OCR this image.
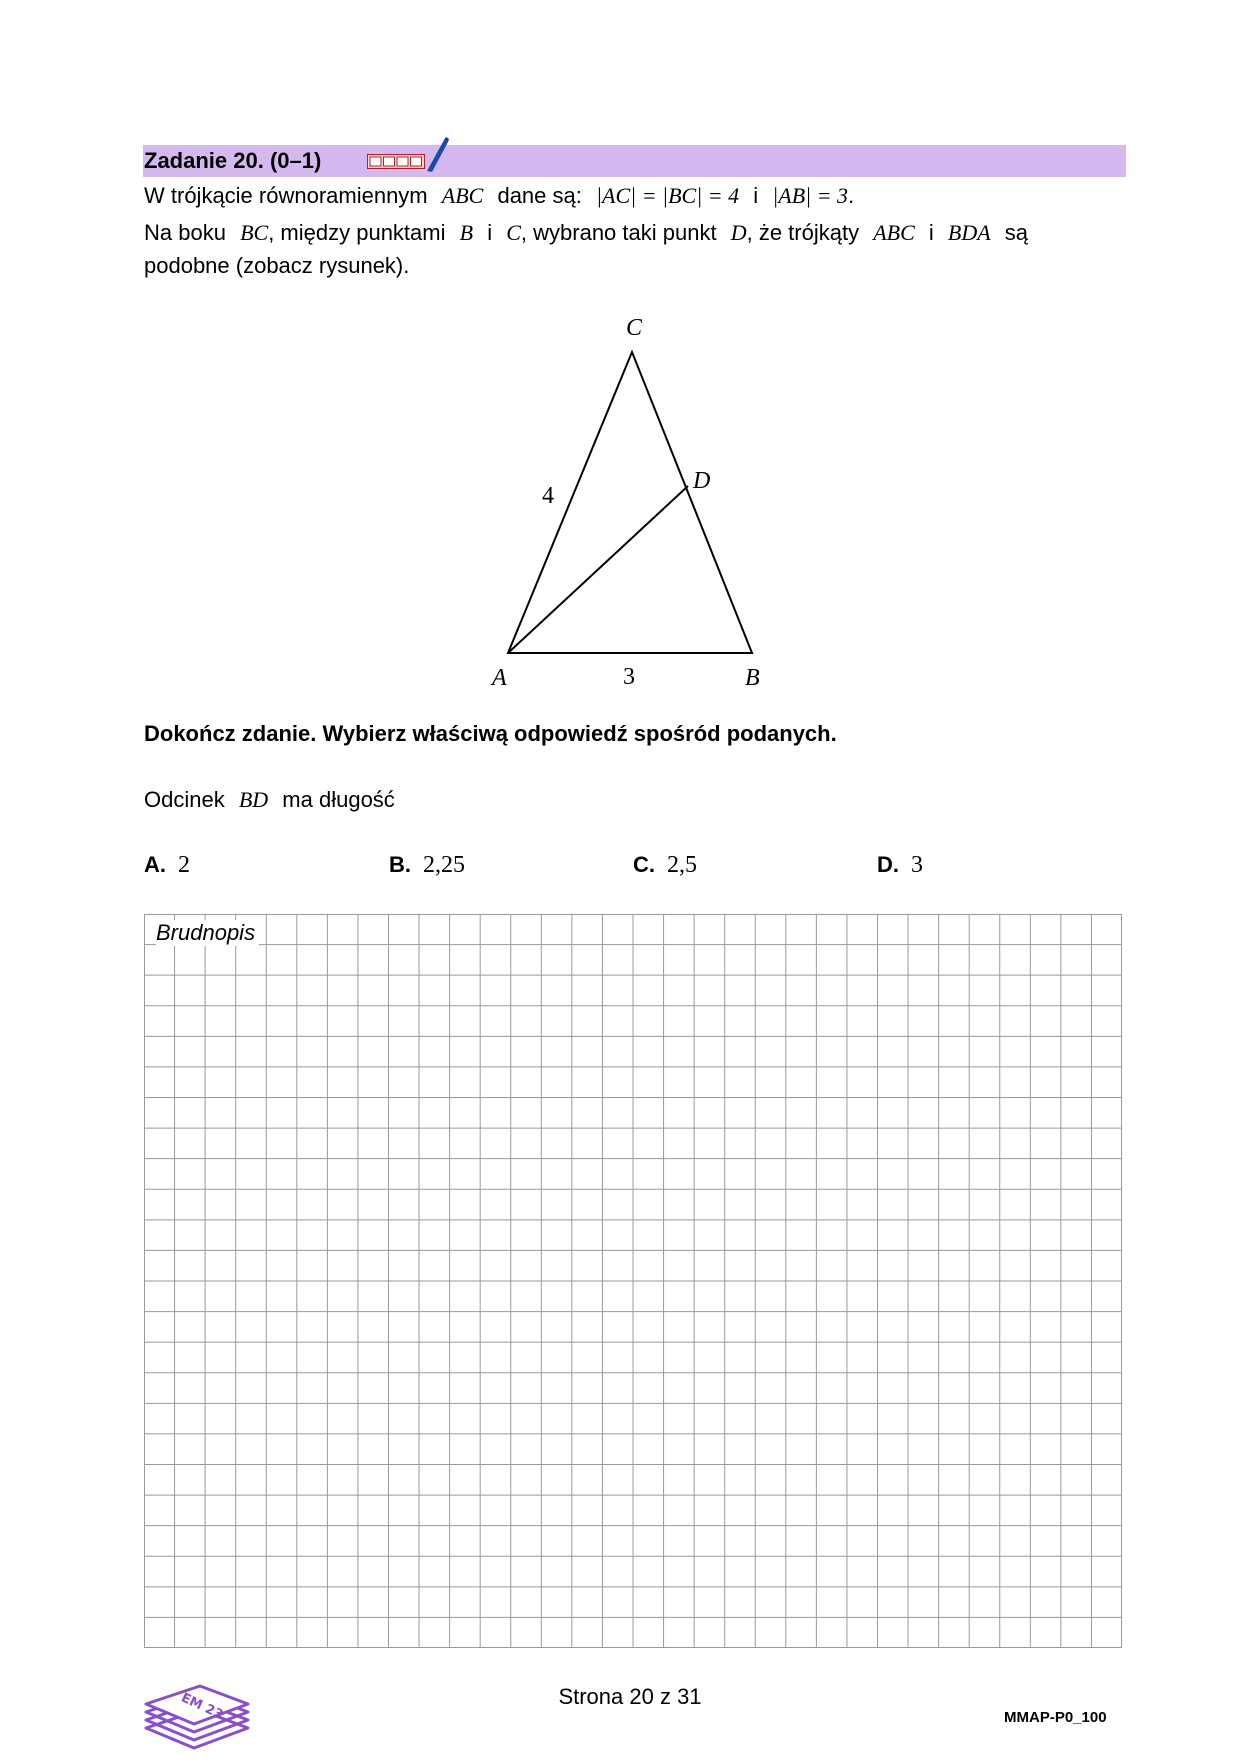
Zadanie 20. (0–1)
W trójkącie równoramiennym ABC dane są: |AC| = |BC| = 4 i |AB| = 3.
Na boku BC, między punktami B i C, wybrano taki punkt D, że trójkąty ABC i BDA są
podobne (zobacz rysunek).
C
D
A	B
4
3
Dokończ zdanie. Wybierz właściwą odpowiedź spośród podanych.
Odcinek BD ma długość
A. 2	B. 2,25	C. 2,5	D. 3
Brudnopis
EM 23	Strona 20 z 31
MMAP-P0_100
